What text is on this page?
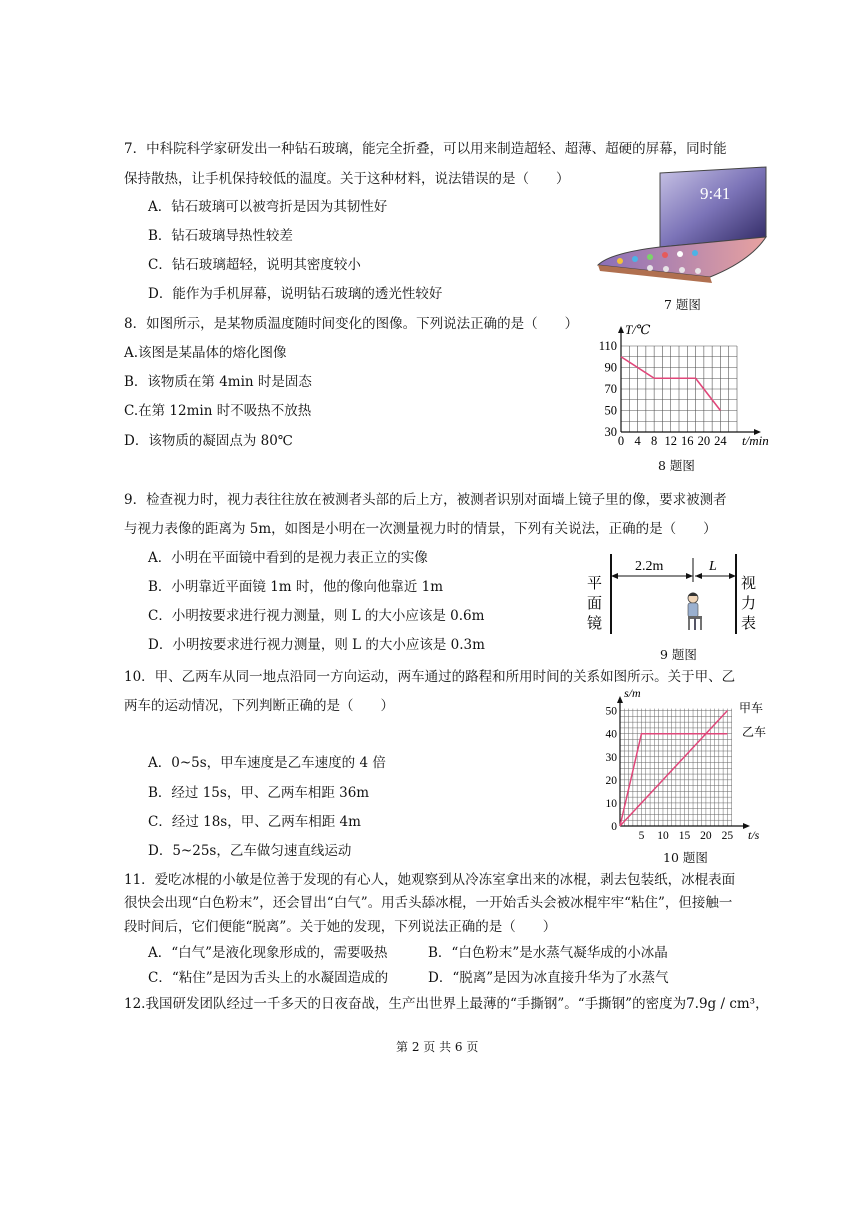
7．中科院科学家研发出一种钻石玻璃，能完全折叠，可以用来制造超轻、超薄、超硬的屏幕，同时能
保持散热，让手机保持较低的温度。关于这种材料，说法错误的是（　　）
A．钻石玻璃可以被弯折是因为其韧性好
B．钻石玻璃导热性较差
C．钻石玻璃超轻，说明其密度较小
D．能作为手机屏幕，说明钻石玻璃的透光性较好
9:41
7 题图
8．如图所示，是某物质温度随时间变化的图像。下列说法正确的是（　　）
A.该图是某晶体的熔化图像
B．该物质在第 4min 时是固态
C.在第 12min 时不吸热不放热
D．该物质的凝固点为 80℃
T/℃
t/min
110
90
70
50
30
0 4 8 12 16 20 24
8 题图
9．检查视力时，视力表往往放在被测者头部的后上方，被测者识别对面墙上镜子里的像，要求被测者
与视力表像的距离为 5m，如图是小明在一次测量视力时的情景，下列有关说法，正确的是（　　）
A．小明在平面镜中看到的是视力表正立的实像
B．小明靠近平面镜 1m 时，他的像向他靠近 1m
C．小明按要求进行视力测量，则 L 的大小应该是 0.6m
D．小明按要求进行视力测量，则 L 的大小应该是 0.3m
2.2m	L
平
面
镜
视
力
表
9 题图
10．甲、乙两车从同一地点沿同一方向运动，两车通过的路程和所用时间的关系如图所示。关于甲、乙
两车的运动情况，下列判断正确的是（　　）
A．0~5s，甲车速度是乙车速度的 4 倍
B．经过 15s，甲、乙两车相距 36m
C．经过 18s，甲、乙两车相距 4m
D．5~25s，乙车做匀速直线运动
s/m
t/s
50
40
30
20
10
0
5 10 15 20 25
甲车
乙车
10 题图
11．爱吃冰棍的小敏是位善于发现的有心人，她观察到从冷冻室拿出来的冰棍，剥去包装纸，冰棍表面
很快会出现“白色粉末”，还会冒出“白气”。用舌头舔冰棍，一开始舌头会被冰棍牢牢“粘住”，但接触一
段时间后，它们便能“脱离”。关于她的发现，下列说法正确的是（　　）
A．“白气”是液化现象形成的，需要吸热	B．“白色粉末”是水蒸气凝华成的小冰晶
C．“粘住”是因为舌头上的水凝固造成的	D．“脱离”是因为冰直接升华为了水蒸气
12.我国研发团队经过一千多天的日夜奋战，生产出世界上最薄的“手撕钢”。“手撕钢”的密度为7.9g / cm³，
第 2 页 共 6 页
